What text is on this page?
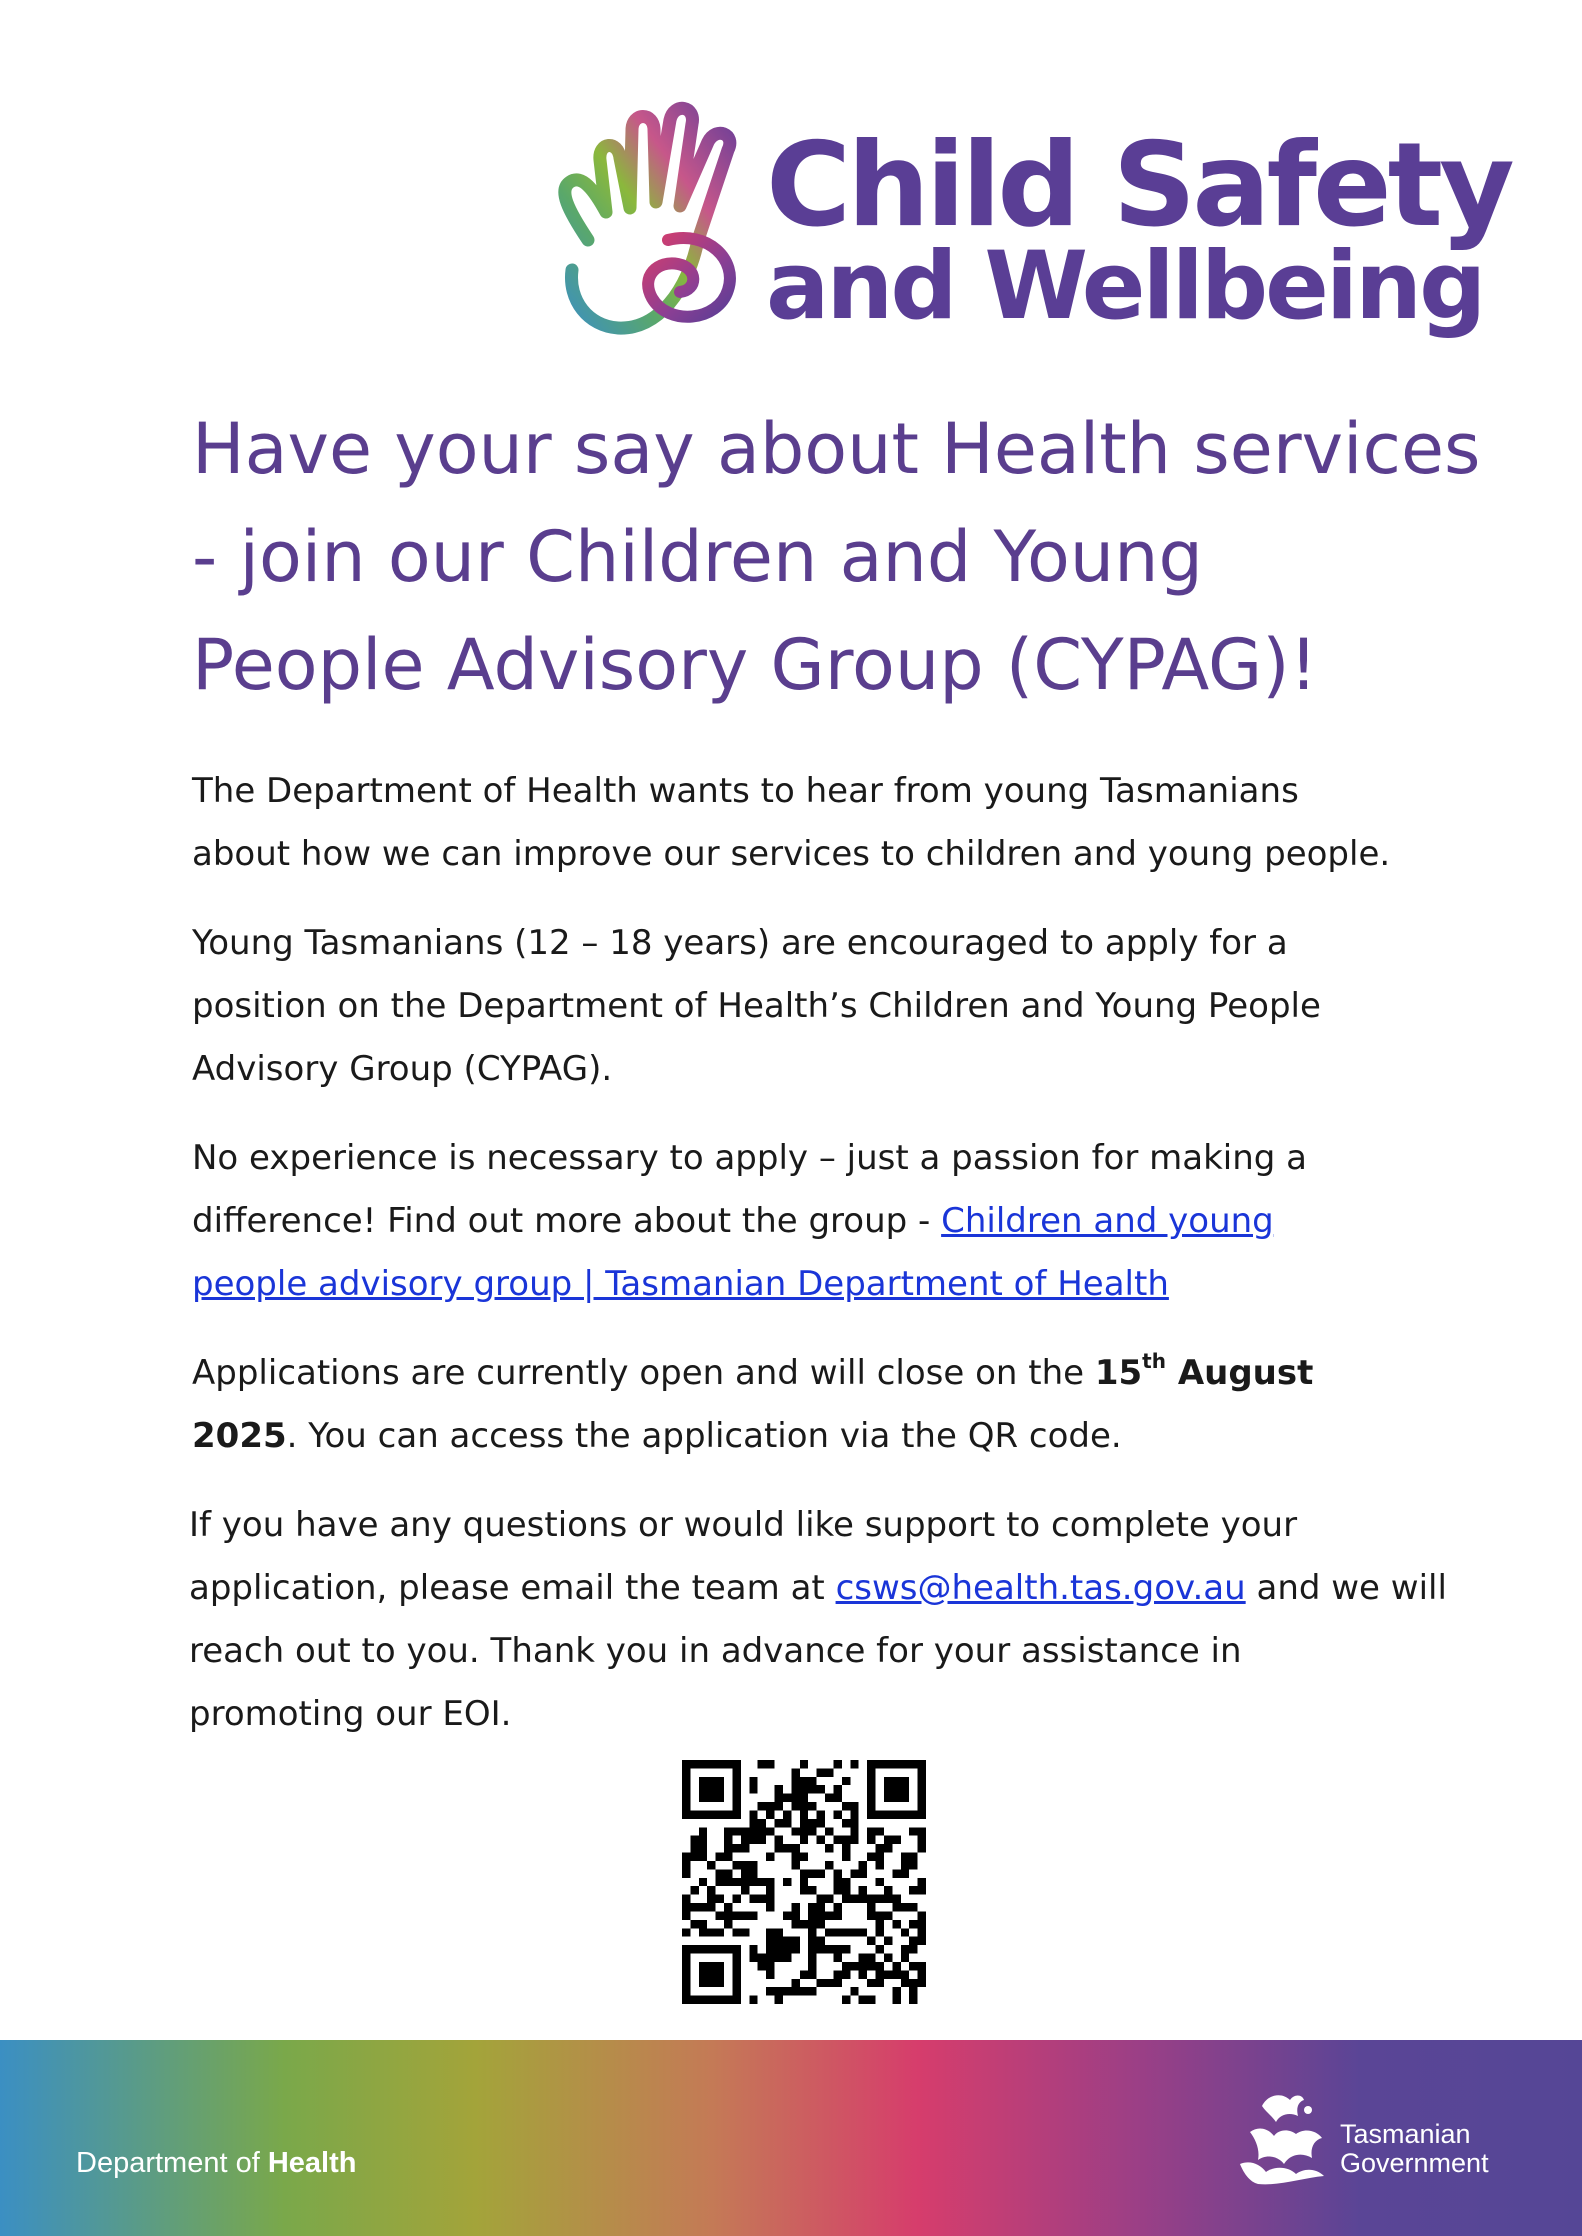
Child Safety
and Wellbeing
Have your say about Health services
- join our Children and Young
People Advisory Group (CYPAG)!

The Department of Health wants to hear from young Tasmanians
about how we can improve our services to children and young people.

Young Tasmanians (12 – 18 years) are encouraged to apply for a
position on the Department of Health’s Children and Young People
Advisory Group (CYPAG).

No experience is necessary to apply – just a passion for making a
difference! Find out more about the group - Children and young
people advisory group | Tasmanian Department of Health

Applications are currently open and will close on the 15th August
2025. You can access the application via the QR code.

If you have any questions or would like support to complete your
application, please email the team at csws@health.tas.gov.au and we will
reach out to you. Thank you in advance for your assistance in
promoting our EOI.

Department of Health
Tasmanian
Government
